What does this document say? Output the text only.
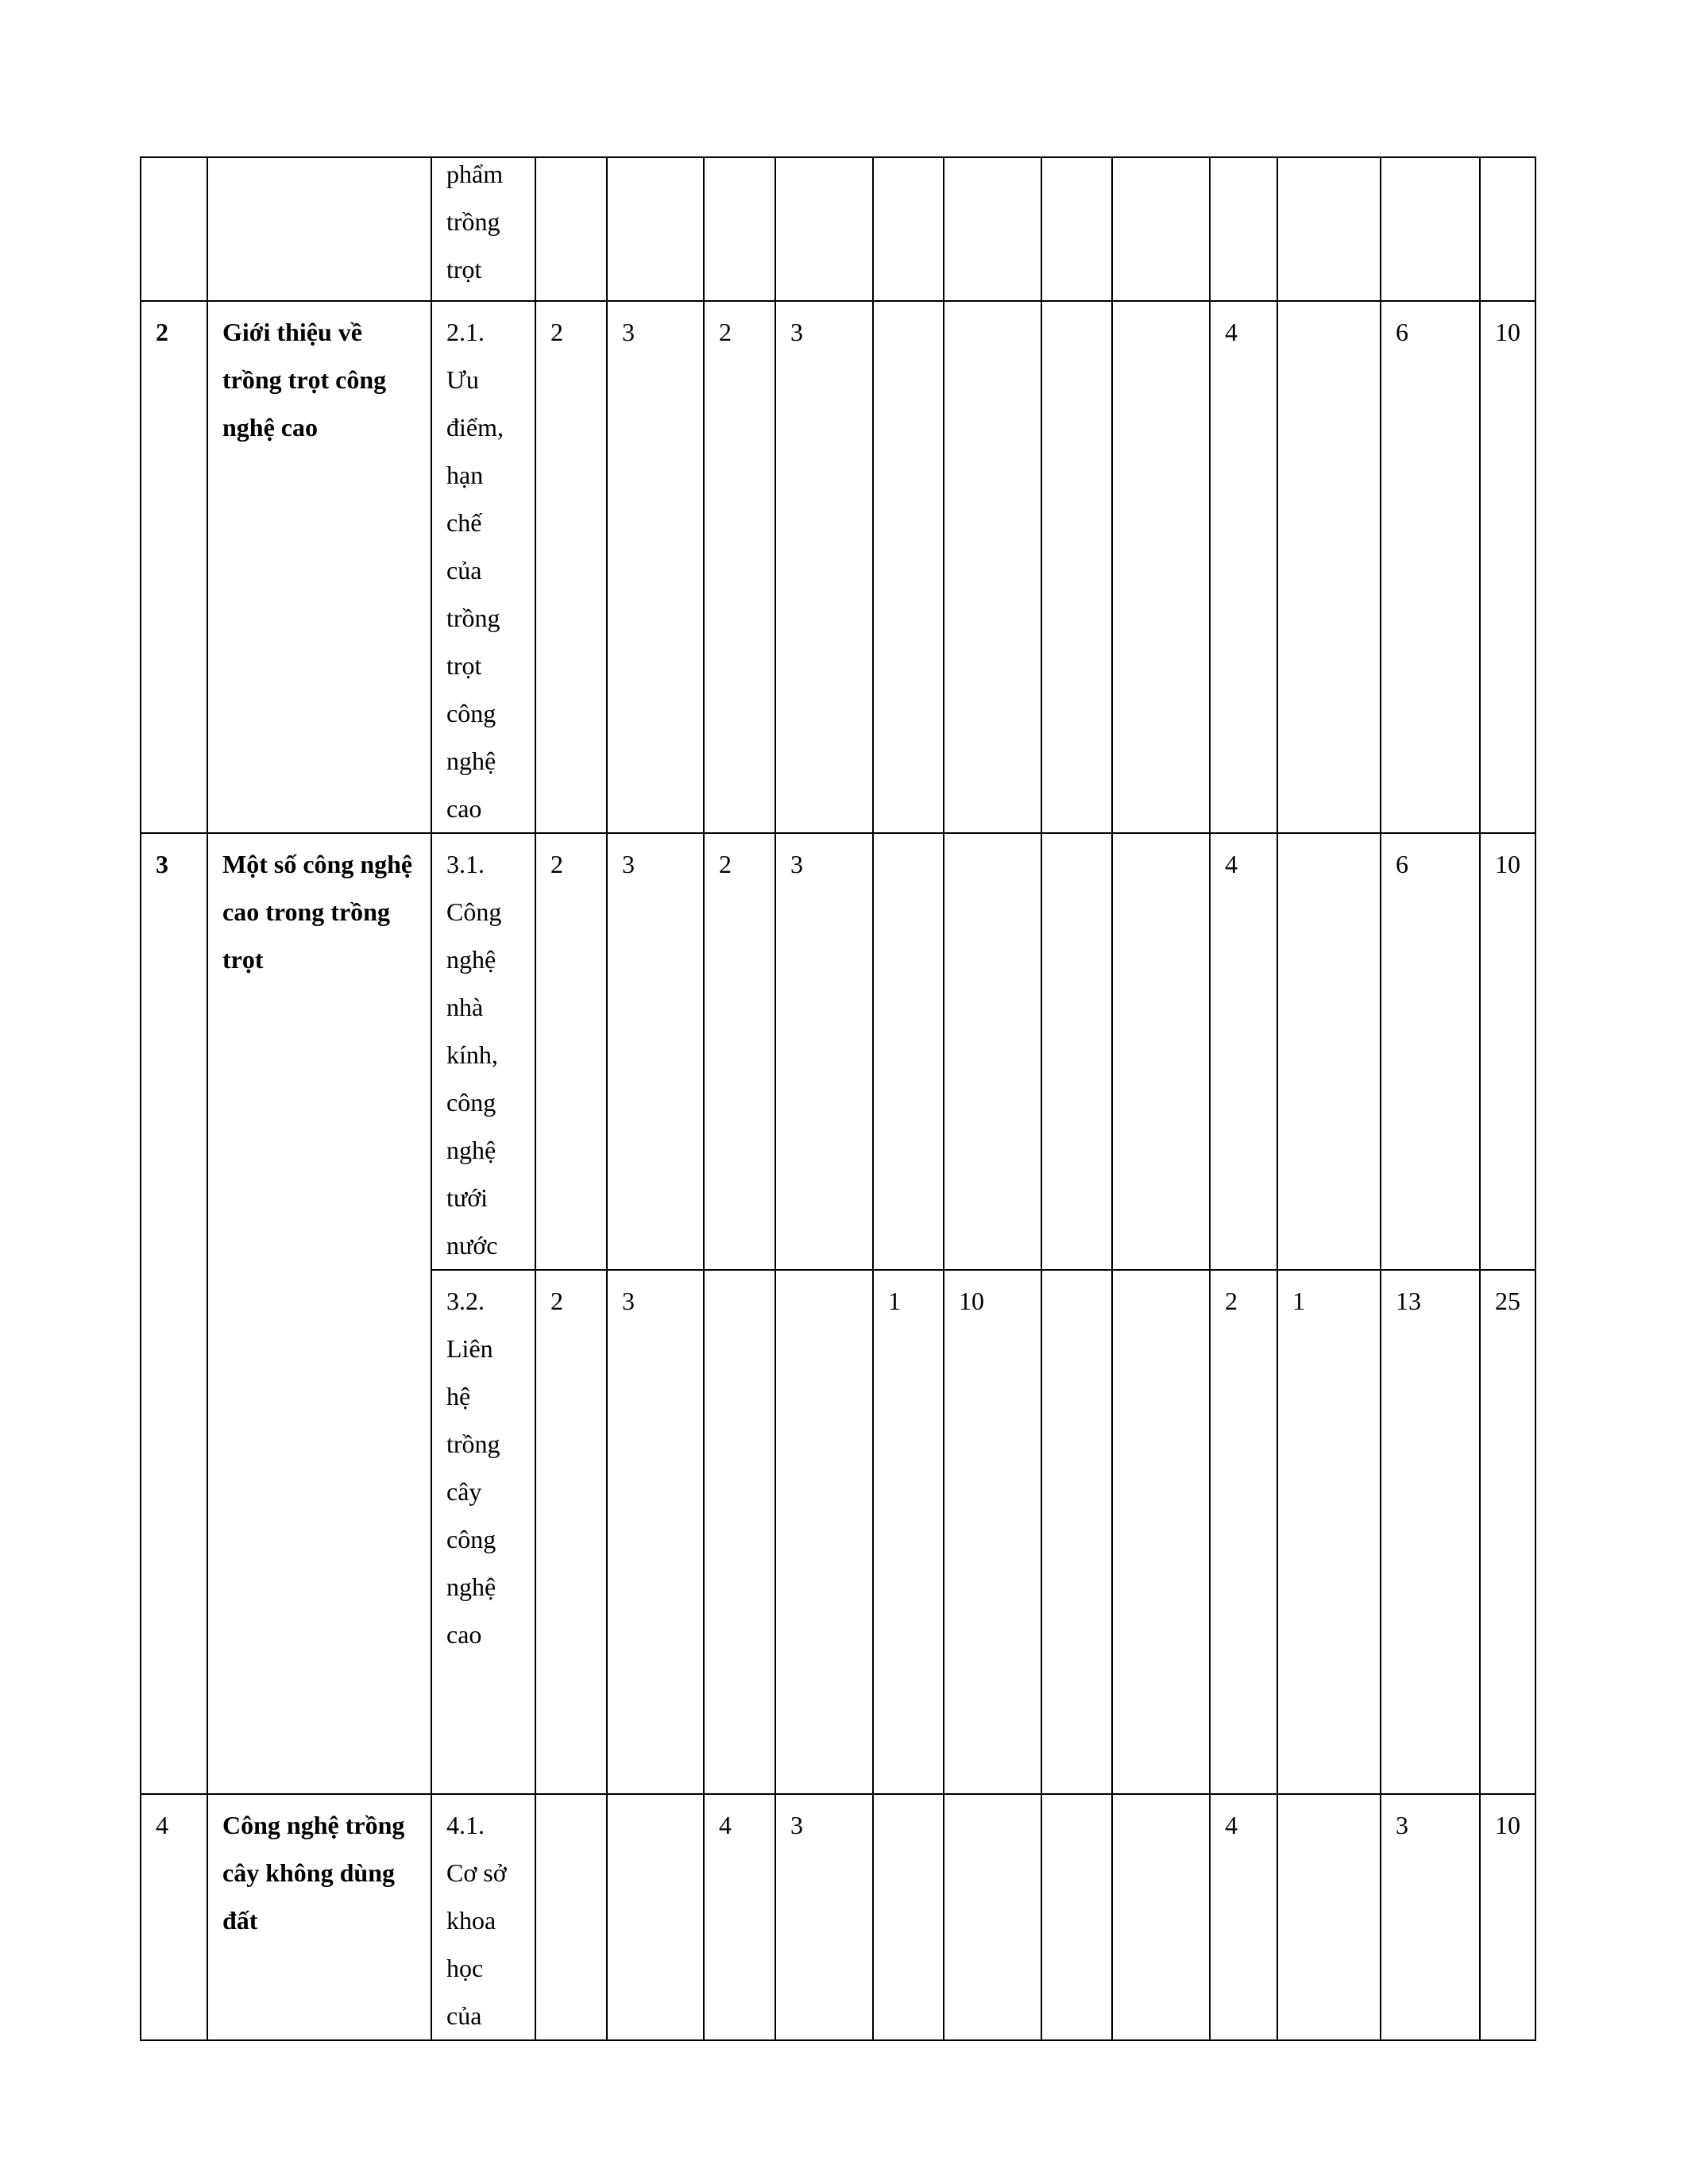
		phẩm trồng trọt												

2	Giới thiệu về trồng trọt công nghệ cao	2.1. Ưu điểm, hạn chế của trồng trọt công nghệ cao	2	3	2	3					4		6	10
3	Một số công nghệ cao trong trồng trọt	3.1. Công nghệ nhà kính, công nghệ tưới nước	2	3	2	3					4		6	10
		3.2. Liên hệ trồng cây công nghệ cao	2	3			1	10			2	1	13	25
4	Công nghệ trồng cây không dùng đất	4.1. Cơ sở khoa học của			4	3					4		3	10
